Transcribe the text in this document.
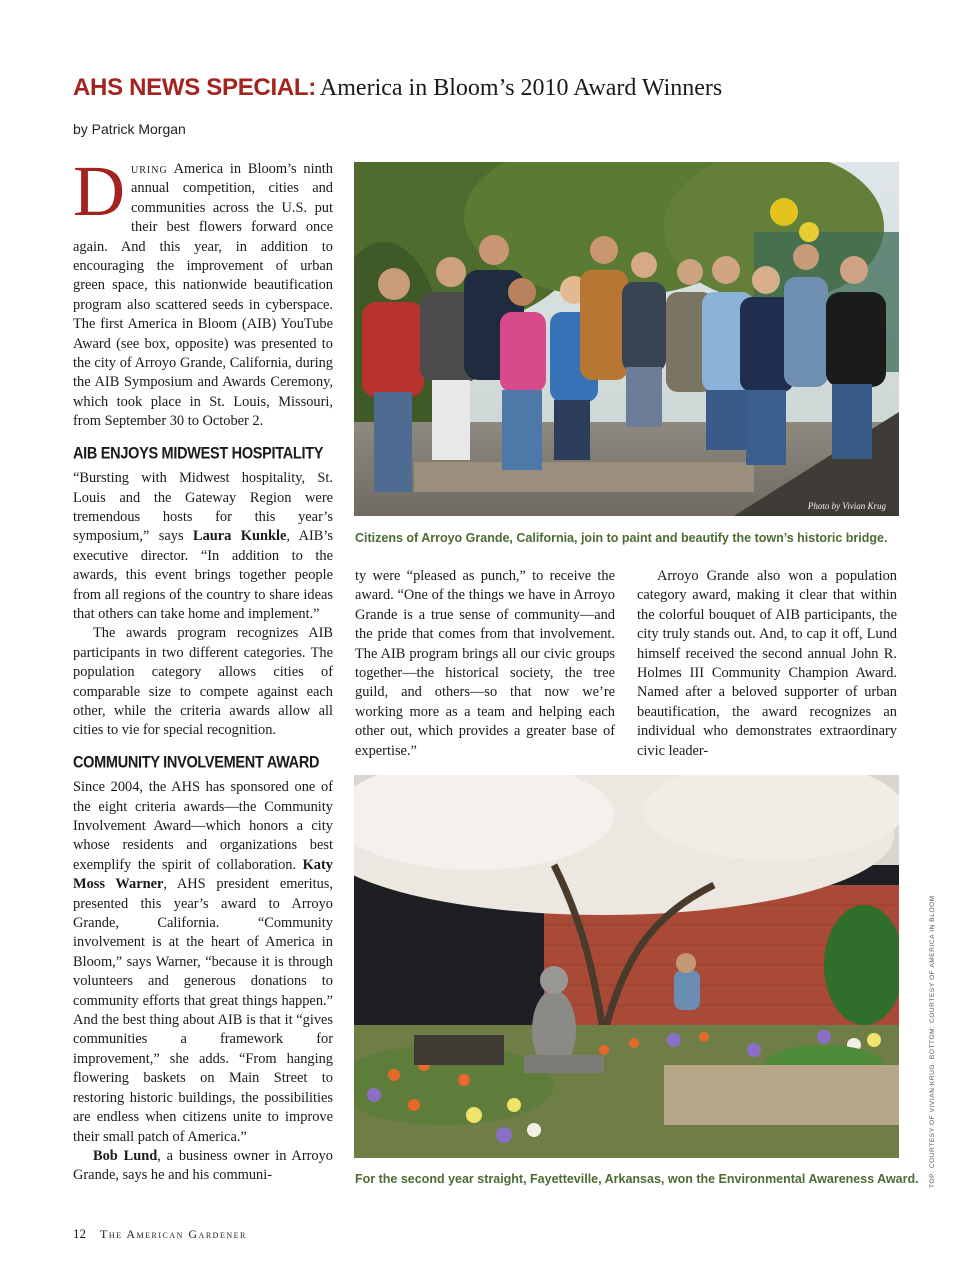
AHS NEWS SPECIAL: America in Bloom’s 2010 Award Winners
by Patrick Morgan

During America in Bloom’s ninth annual competition, cities and communities across the U.S. put their best flowers forward once again. And this year, in addition to encouraging the improvement of urban green space, this nationwide beautification program also scattered seeds in cyberspace. The first America in Bloom (AIB) YouTube Award (see box, opposite) was presented to the city of Arroyo Grande, California, during the AIB Symposium and Awards Ceremony, which took place in St. Louis, Missouri, from September 30 to October 2.

AIB ENJOYS MIDWEST HOSPITALITY

“Bursting with Midwest hospitality, St. Louis and the Gateway Region were tremendous hosts for this year’s symposium,” says Laura Kunkle, AIB’s executive director. “In addition to the awards, this event brings together people from all regions of the country to share ideas that others can take home and implement.”

The awards program recognizes AIB participants in two different categories. The population category allows cities of comparable size to compete against each other, while the criteria awards allow all cities to vie for special recognition.

COMMUNITY INVOLVEMENT AWARD

Since 2004, the AHS has sponsored one of the eight criteria awards—the Community Involvement Award—which honors a city whose residents and organizations best exemplify the spirit of collaboration. Katy Moss Warner, AHS president emeritus, presented this year’s award to Arroyo Grande, California. “Community involvement is at the heart of America in Bloom,” says Warner, “because it is through volunteers and generous donations to community efforts that great things happen.” And the best thing about AIB is that it “gives communities a framework for improvement,” she adds. “From hanging flowering baskets on Main Street to restoring historic buildings, the possibilities are endless when citizens unite to improve their small patch of America.”

Bob Lund, a business owner in Arroyo Grande, says he and his communi-

Photo by Vivian Krug
Citizens of Arroyo Grande, California, join to paint and beautify the town’s historic bridge.

ty were “pleased as punch,” to receive the award. “One of the things we have in Arroyo Grande is a true sense of community—and the pride that comes from that involvement. The AIB program brings all our civic groups together—the historical society, the tree guild, and others—so that now we’re working more as a team and helping each other out, which provides a greater base of expertise.”

Arroyo Grande also won a population category award, making it clear that within the colorful bouquet of AIB participants, the city truly stands out. And, to cap it off, Lund himself received the second annual John R. Holmes III Community Champion Award. Named after a beloved supporter of urban beautification, the award recognizes an individual who demonstrates extraordinary civic leader-

For the second year straight, Fayetteville, Arkansas, won the Environmental Awareness Award. TOP: COURTESY OF VIVIAN KRUG. BOTTOM: COURTESY OF AMERICA IN BLOOM
12 The American Gardener
